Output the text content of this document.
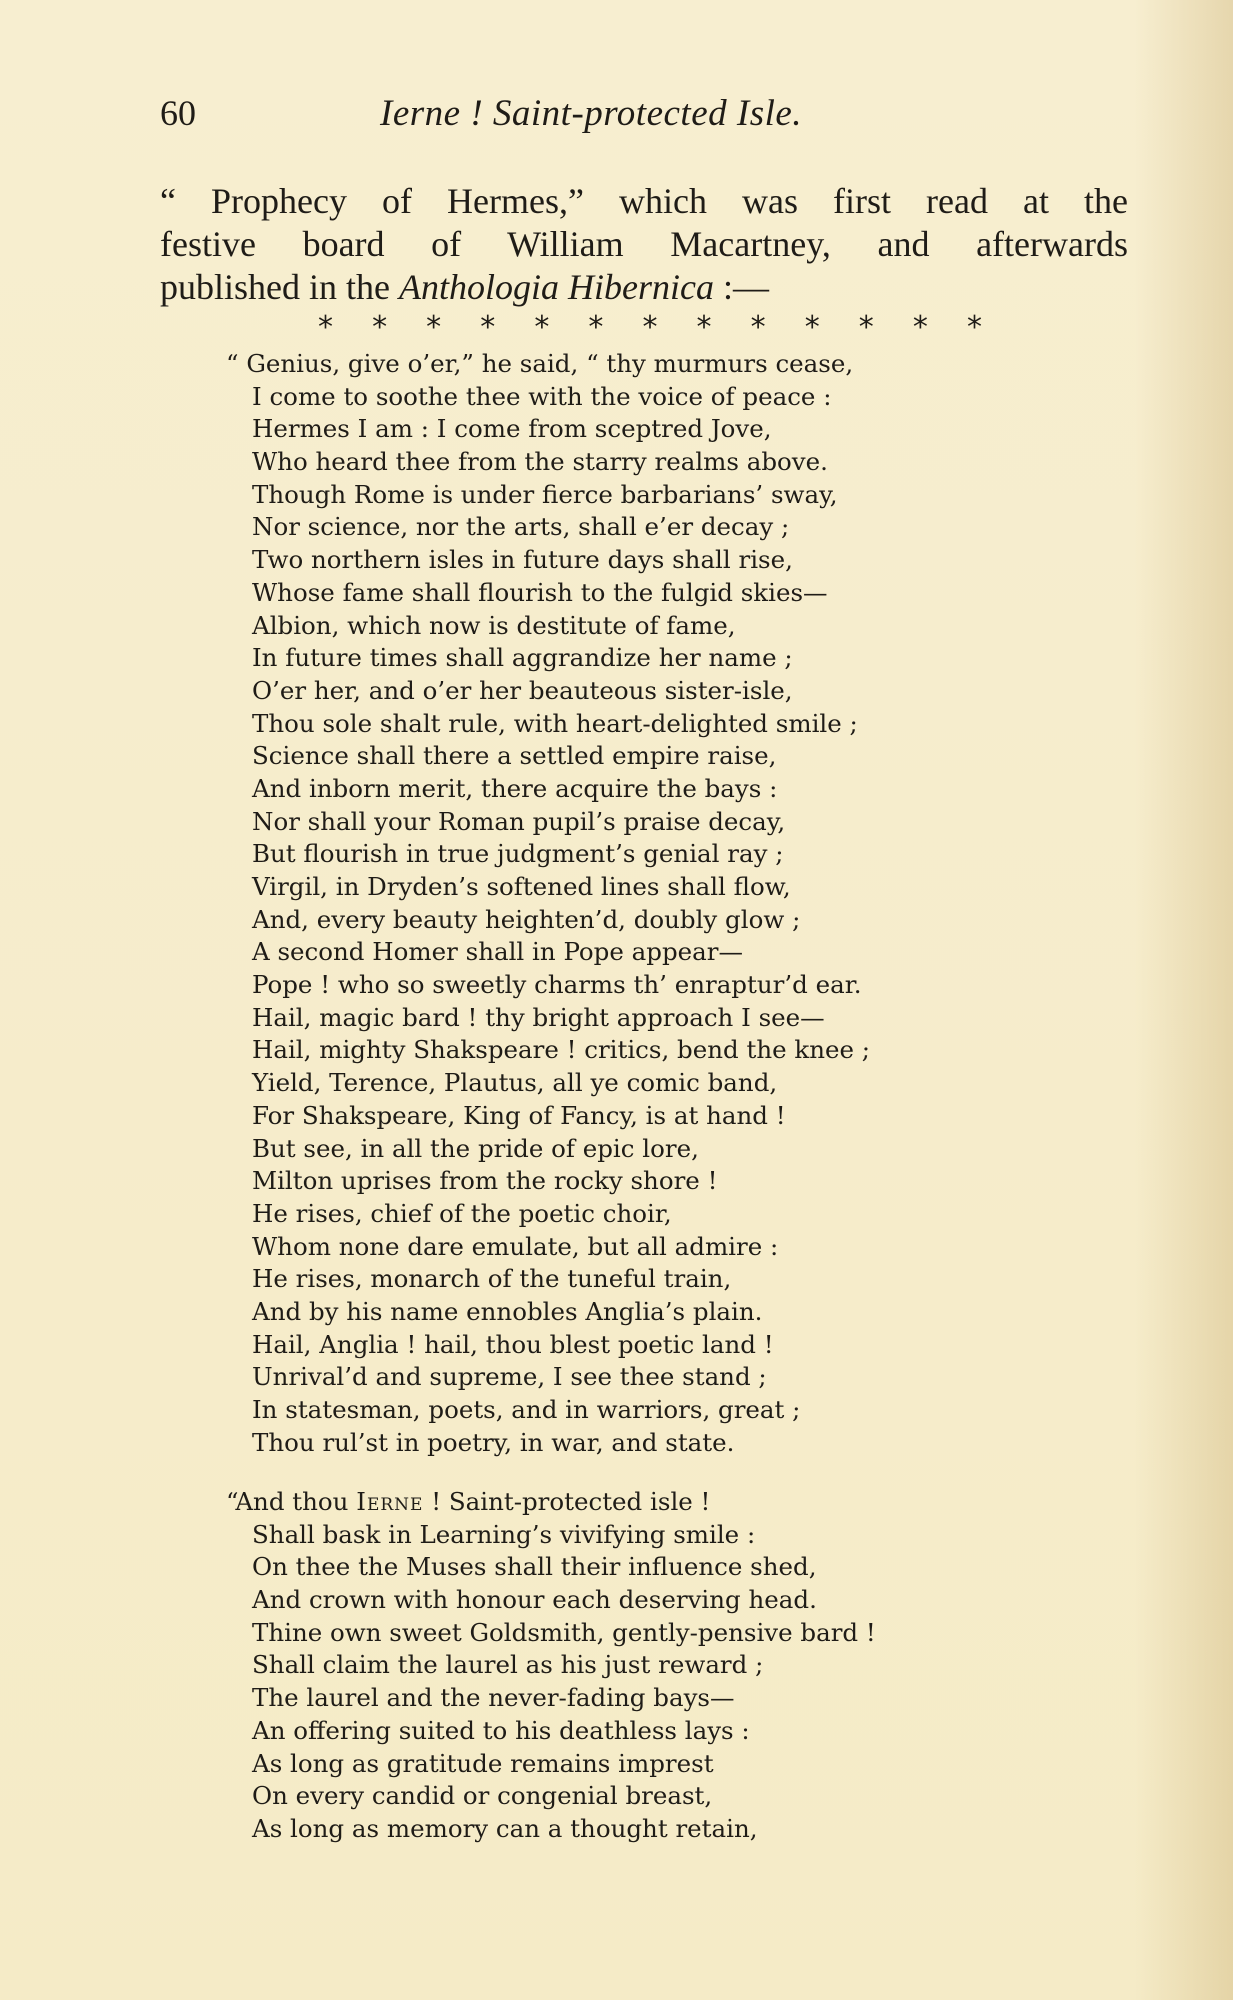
60	Ierne ! Saint-protected Isle.
“ Prophecy of Hermes,” which was first read at the
festive board of William Macartney, and afterwards
published in the Anthologia Hibernica :—
* * * * * * * * * * * * *
“ Genius, give o’er,” he said, “ thy murmurs cease,
I come to soothe thee with the voice of peace :
Hermes I am : I come from sceptred Jove,
Who heard thee from the starry realms above.
Though Rome is under fierce barbarians’ sway,
Nor science, nor the arts, shall e’er decay ;
Two northern isles in future days shall rise,
Whose fame shall flourish to the fulgid skies—
Albion, which now is destitute of fame,
In future times shall aggrandize her name ;
O’er her, and o’er her beauteous sister-isle,
Thou sole shalt rule, with heart-delighted smile ;
Science shall there a settled empire raise,
And inborn merit, there acquire the bays :
Nor shall your Roman pupil’s praise decay,
But flourish in true judgment’s genial ray ;
Virgil, in Dryden’s softened lines shall flow,
And, every beauty heighten’d, doubly glow ;
A second Homer shall in Pope appear—
Pope ! who so sweetly charms th’ enraptur’d ear.
Hail, magic bard ! thy bright approach I see—
Hail, mighty Shakspeare ! critics, bend the knee ;
Yield, Terence, Plautus, all ye comic band,
For Shakspeare, King of Fancy, is at hand !
But see, in all the pride of epic lore,
Milton uprises from the rocky shore !
He rises, chief of the poetic choir,
Whom none dare emulate, but all admire :
He rises, monarch of the tuneful train,
And by his name ennobles Anglia’s plain.
Hail, Anglia ! hail, thou blest poetic land !
Unrival’d and supreme, I see thee stand ;
In statesman, poets, and in warriors, great ;
Thou rul’st in poetry, in war, and state.
“And thou Ierne ! Saint-protected isle !
Shall bask in Learning’s vivifying smile :
On thee the Muses shall their influence shed,
And crown with honour each deserving head.
Thine own sweet Goldsmith, gently-pensive bard !
Shall claim the laurel as his just reward ;
The laurel and the never-fading bays—
An offering suited to his deathless lays :
As long as gratitude remains imprest
On every candid or congenial breast,
As long as memory can a thought retain,
